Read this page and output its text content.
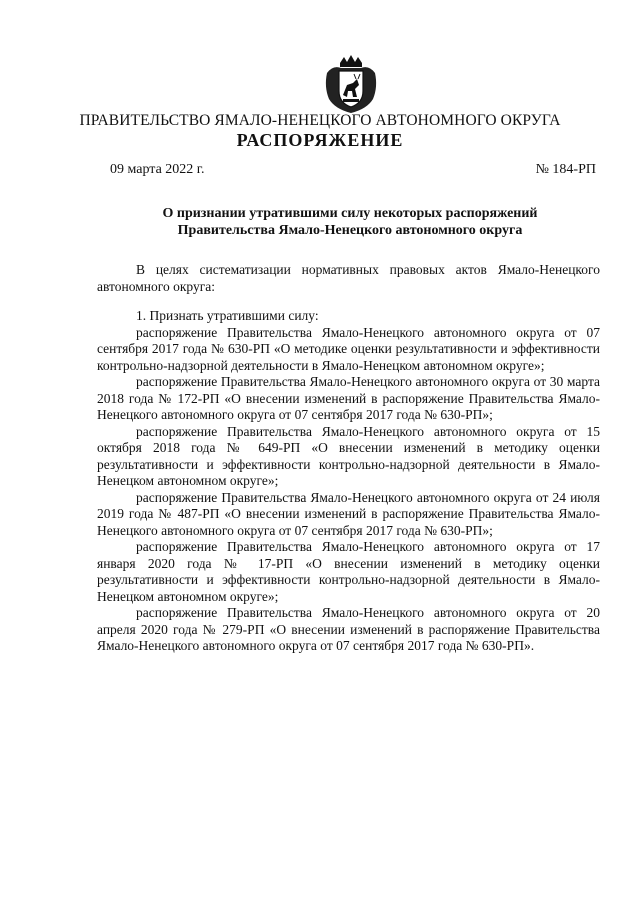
ПРАВИТЕЛЬСТВО ЯМАЛО-НЕНЕЦКОГО АВТОНОМНОГО ОКРУГА
РАСПОРЯЖЕНИЕ
09 марта 2022 г.	№ 184-РП
О признании утратившими силу некоторых распоряжений
Правительства Ямало-Ненецкого автономного округа

В целях систематизации нормативных правовых актов Ямало-Ненецкого автономного округа:

1. Признать утратившими силу:

распоряжение Правительства Ямало-Ненецкого автономного округа от 07 сентября 2017 года № 630-РП «О методике оценки результативности и эффективности контрольно-надзорной деятельности в Ямало-Ненецком автономном округе»;

распоряжение Правительства Ямало-Ненецкого автономного округа от 30 марта 2018 года № 172-РП «О внесении изменений в распоряжение Правительства Ямало-Ненецкого автономного округа от 07 сентября 2017 года № 630-РП»;

распоряжение Правительства Ямало-Ненецкого автономного округа от 15 октября 2018 года № 649-РП «О внесении изменений в методику оценки результативности и эффективности контрольно-надзорной деятельности в Ямало-Ненецком автономном округе»;

распоряжение Правительства Ямало-Ненецкого автономного округа от 24 июля 2019 года № 487-РП «О внесении изменений в распоряжение Правительства Ямало-Ненецкого автономного округа от 07 сентября 2017 года № 630-РП»;

распоряжение Правительства Ямало-Ненецкого автономного округа от 17 января 2020 года № 17-РП «О внесении изменений в методику оценки результативности и эффективности контрольно-надзорной деятельности в Ямало-Ненецком автономном округе»;

распоряжение Правительства Ямало-Ненецкого автономного округа от 20 апреля 2020 года № 279-РП «О внесении изменений в распоряжение Правительства Ямало-Ненецкого автономного округа от 07 сентября 2017 года № 630-РП».
